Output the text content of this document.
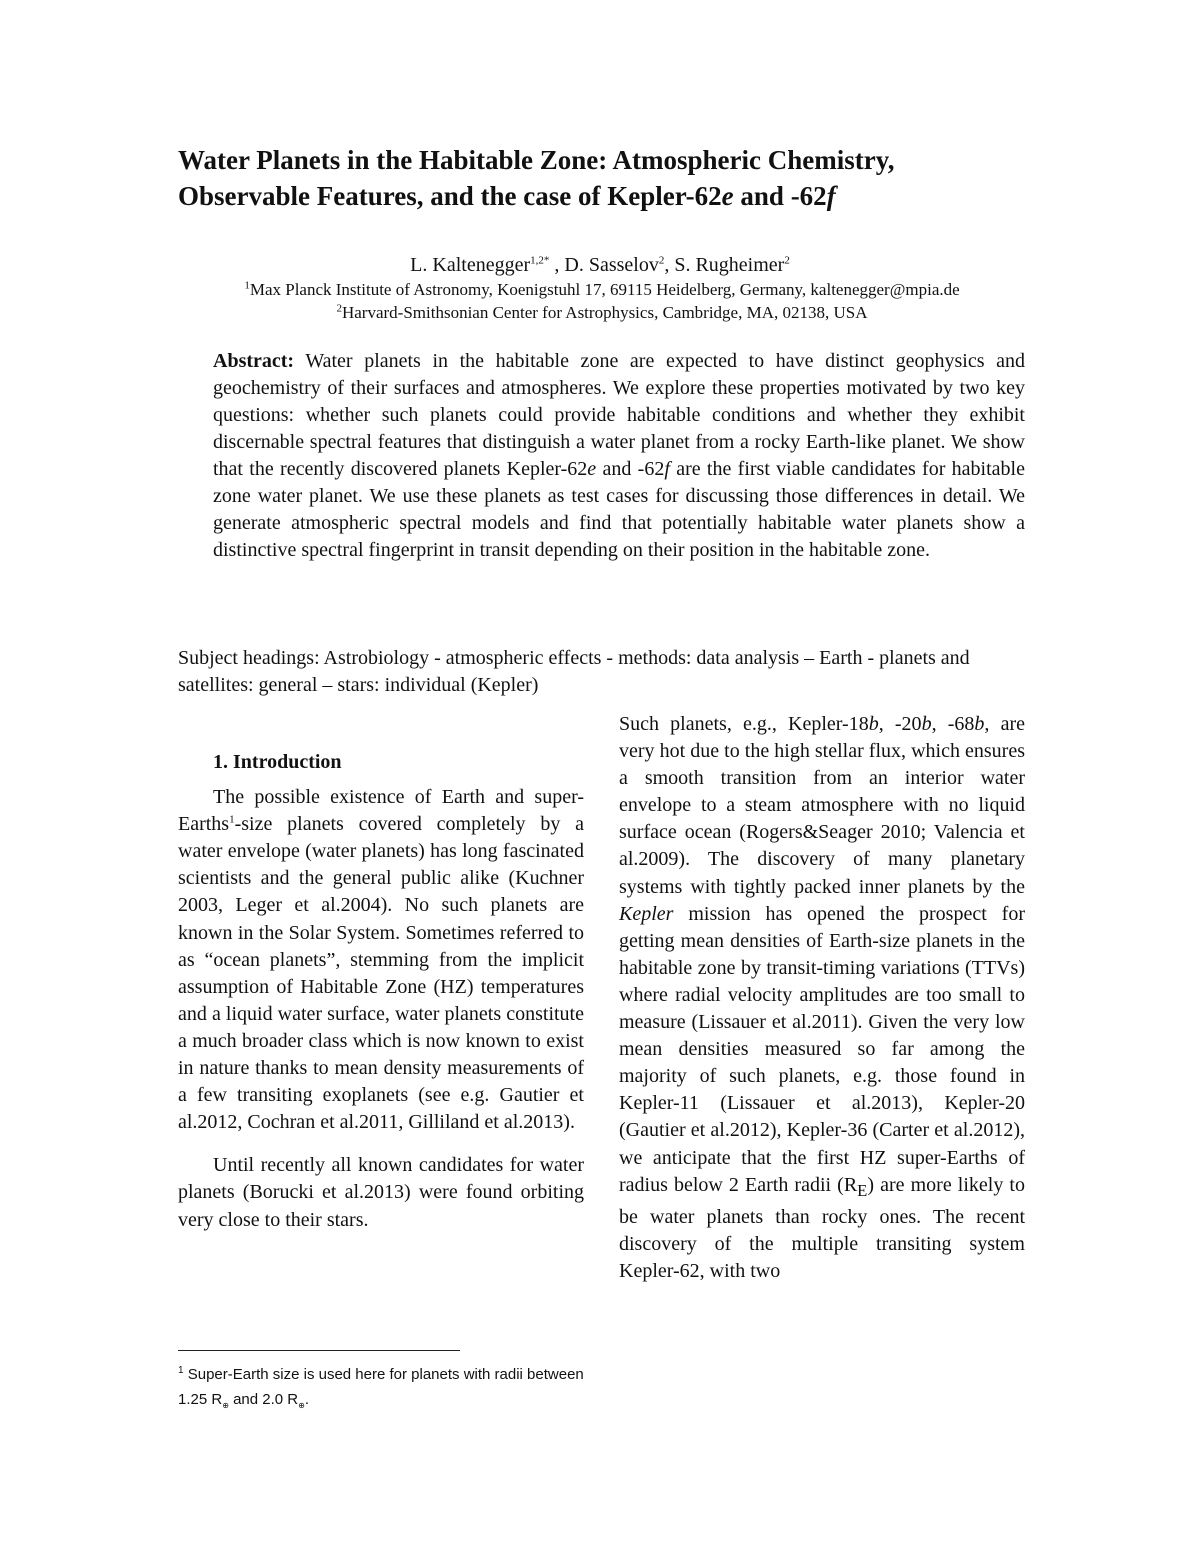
Water Planets in the Habitable Zone: Atmospheric Chemistry,
Observable Features, and the case of Kepler-62e and -62f
L. Kaltenegger$^{1,2*}$ , D. Sasselov$^2$, S. Rugheimer$^2$
$^1$Max Planck Institute of Astronomy, Koenigstuhl 17, 69115 Heidelberg, Germany, kaltenegger@mpia.de
$^2$Harvard-Smithsonian Center for Astrophysics, Cambridge, MA, 02138, USA

Abstract: Water planets in the habitable zone are expected to have distinct geophysics and geochemistry of their surfaces and atmospheres. We explore these properties motivated by two key questions: whether such planets could provide habitable conditions and whether they exhibit discernable spectral features that distinguish a water planet from a rocky Earth-like planet. We show that the recently discovered planets Kepler-62e and -62f are the first viable candidates for habitable zone water planet. We use these planets as test cases for discussing those differences in detail. We generate atmospheric spectral models and find that potentially habitable water planets show a distinctive spectral fingerprint in transit depending on their position in the habitable zone.

Subject headings: Astrobiology - atmospheric effects - methods: data analysis – Earth - planets and satellites: general – stars: individual (Kepler)

1. Introduction

The possible existence of Earth and super-Earths$^1$-size planets covered completely by a water envelope (water planets) has long fascinated scientists and the general public alike (Kuchner 2003, Leger et al.2004). No such planets are known in the Solar System. Sometimes referred to as “ocean planets”, stemming from the implicit assumption of Habitable Zone (HZ) temperatures and a liquid water surface, water planets constitute a much broader class which is now known to exist in nature thanks to mean density measurements of a few transiting exoplanets (see e.g. Gautier et al.2012, Cochran et al.2011, Gilliland et al.2013).

Until recently all known candidates for water planets (Borucki et al.2013) were found orbiting very close to their stars.

Such planets, e.g., Kepler-18b, -20b, -68b, are very hot due to the high stellar flux, which ensures a smooth transition from an interior water envelope to a steam atmosphere with no liquid surface ocean (Rogers&Seager 2010; Valencia et al.2009). The discovery of many planetary systems with tightly packed inner planets by the Kepler mission has opened the prospect for getting mean densities of Earth-size planets in the habitable zone by transit-timing variations (TTVs) where radial velocity amplitudes are too small to measure (Lissauer et al.2011). Given the very low mean densities measured so far among the majority of such planets, e.g. those found in Kepler-11 (Lissauer et al.2013), Kepler-20 (Gautier et al.2012), Kepler-36 (Carter et al.2012), we anticipate that the first HZ super-Earths of radius below 2 Earth radii $(R_E)$ are more likely to be water planets than rocky ones. The recent discovery of the multiple transiting system Kepler-62, with two

$^1$ Super-Earth size is used here for planets with radii between 1.25 $R_\oplus$ and 2.0 $R_\oplus$.
